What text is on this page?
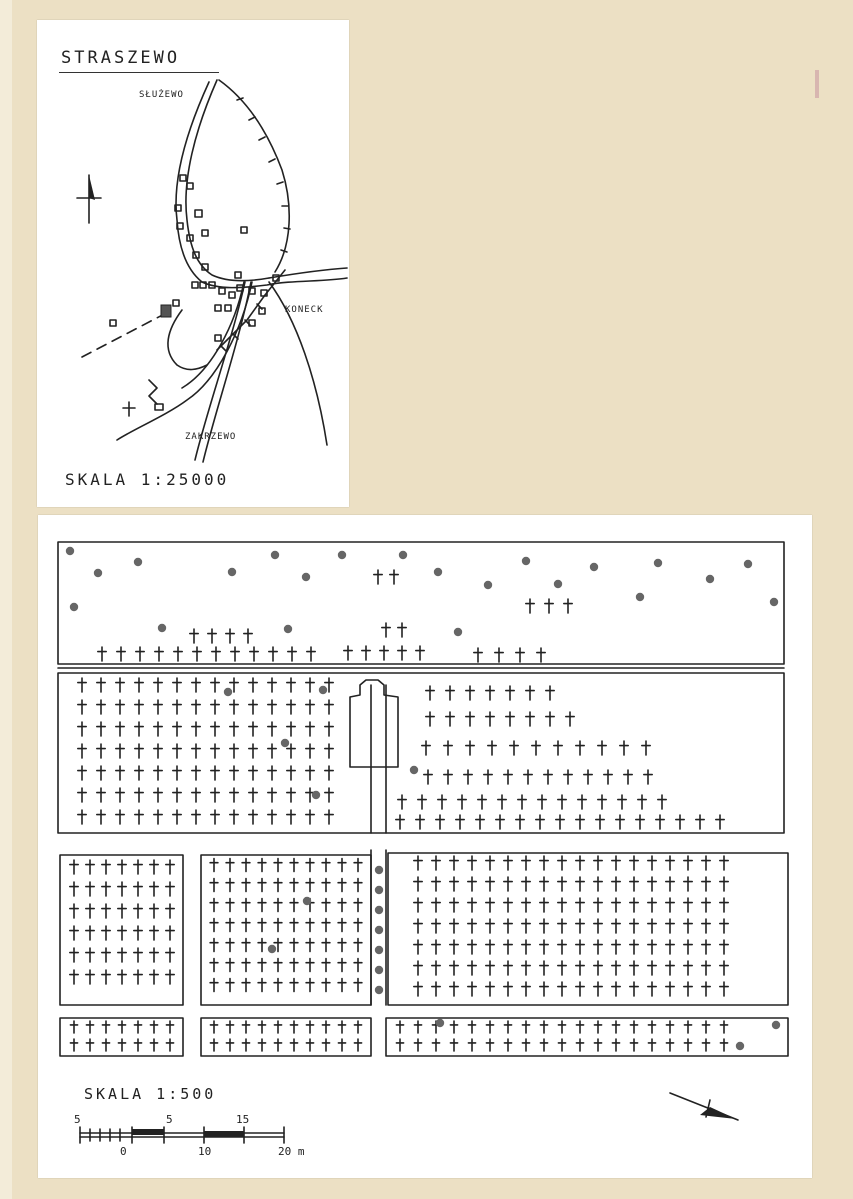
STRASZEWO
SŁUŻEWO
KONECK
ZAKRZEWO
SKALA 1:25000
SKALA 1:500
5	5	15
0	10	20 m
